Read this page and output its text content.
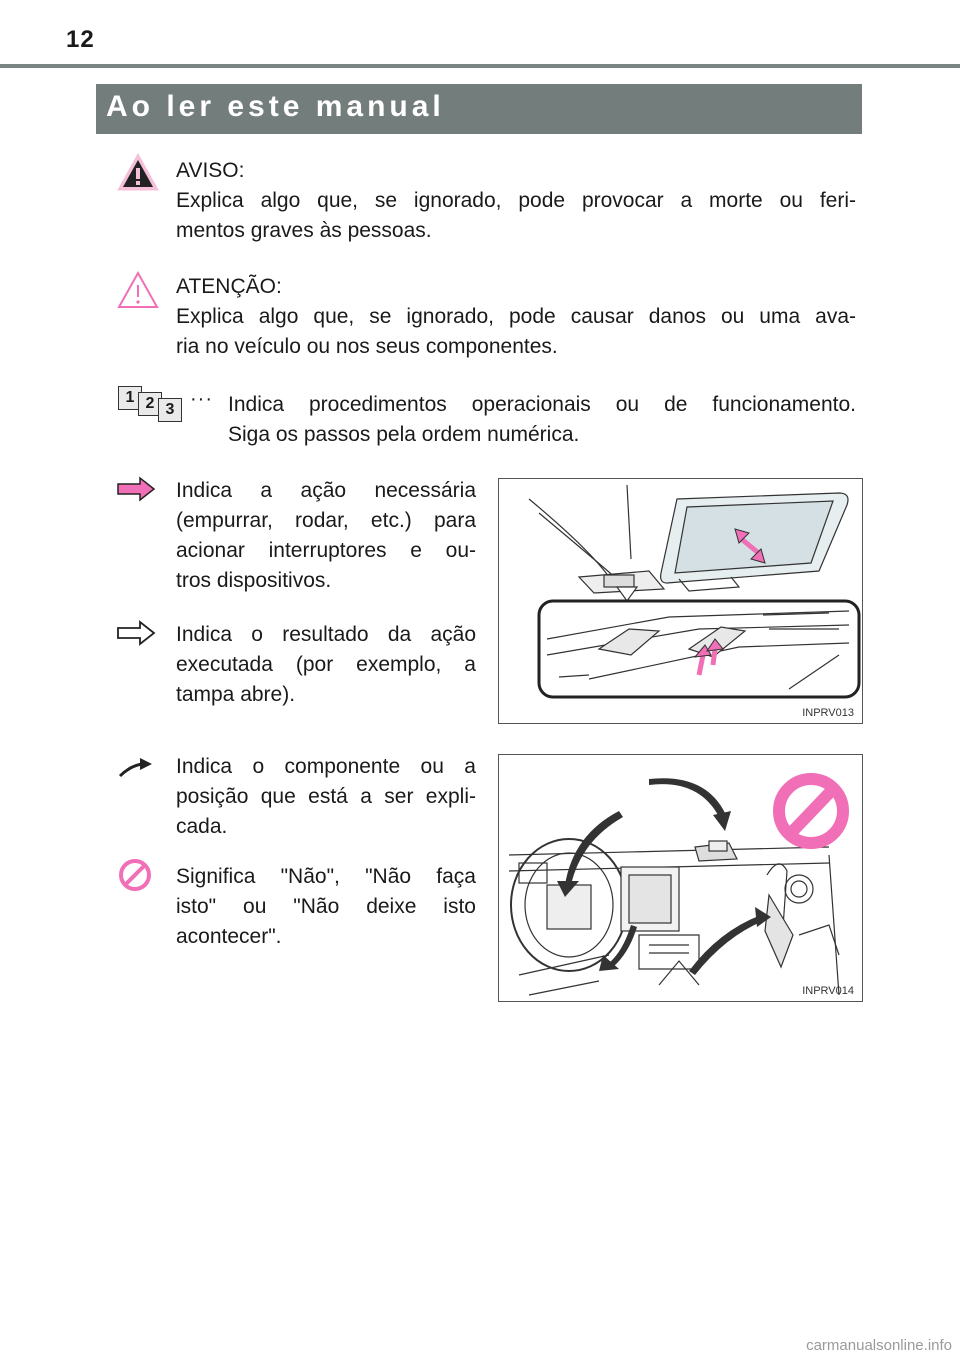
12
Ao ler este manual
AVISO:
Explica algo que, se ignorado, pode provocar a morte ou feri-
mentos graves às pessoas.
ATENÇÃO:
Explica algo que, se ignorado, pode causar danos ou uma ava-
ria no veículo ou nos seus componentes.
1 2 3 ··· Indica procedimentos operacionais ou de funcionamento.
Siga os passos pela ordem numérica.
Indica a ação necessária
(empurrar, rodar, etc.) para
acionar interruptores e ou-
tros dispositivos.
Indica o resultado da ação
executada (por exemplo, a
tampa abre).
INPRV013
Indica o componente ou a
posição que está a ser expli-
cada.
Significa "Não", "Não faça
isto" ou "Não deixe isto
acontecer".
INPRV014
carmanualsonline.info
